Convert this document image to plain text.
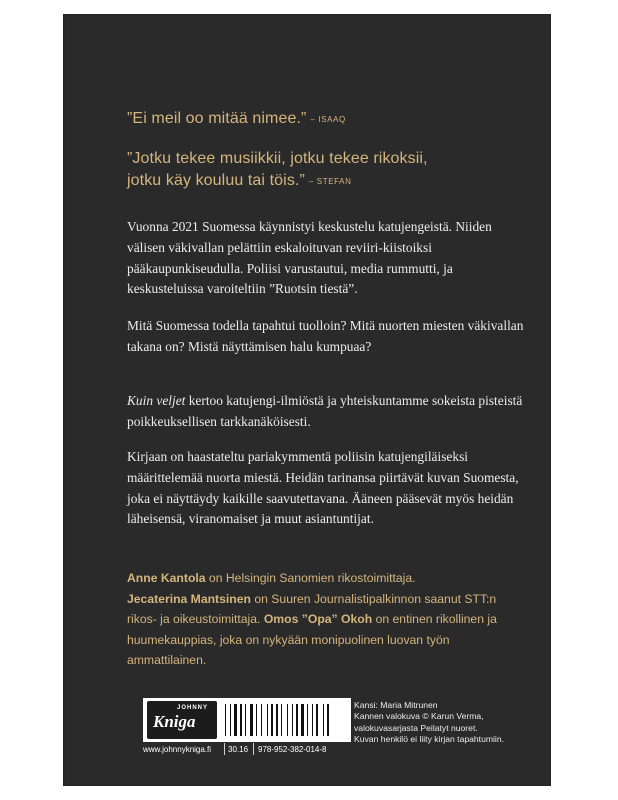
”Ei meil oo mitää nimee.” – ISAAQ
”Jotku tekee musiikkii, jotku tekee rikoksii,
jotku käy kouluu tai töis.” – STEFAN
Vuonna 2021 Suomessa käynnistyi keskustelu katujengeistä. Niiden välisen väkivallan pelättiin eskaloituvan reviiri-kiistoiksi pääkaupunkiseudulla. Poliisi varustautui, media rummutti, ja keskusteluissa varoiteltiin ”Ruotsin tiestä”.
Mitä Suomessa todella tapahtui tuolloin? Mitä nuorten miesten väkivallan takana on? Mistä näyttämisen halu kumpuaa?
Kuin veljet kertoo katujengi-ilmiöstä ja yhteiskuntamme sokeista pisteistä poikkeuksellisen tarkkanäköisesti.
Kirjaan on haastateltu pariakymmentä poliisin katujengiläiseksi määrittelemää nuorta miestä. Heidän tarinansa piirtävät kuvan Suomesta, joka ei näyttäydy kaikille saavutettavana. Ääneen pääsevät myös heidän läheisensä, viranomaiset ja muut asiantuntijat.
Anne Kantola on Helsingin Sanomien rikostoimittaja.
Jecaterina Mantsinen on Suuren Journalistipalkinnon saanut STT:n rikos- ja oikeustoimittaja. Omos ”Opa” Okoh on entinen rikollinen ja huumekauppias, joka on nykyään monipuolinen luovan työn ammattilainen.
JOHNNY
Kniga
www.johnnykniga.fi 30.16 978-952-382-014-8
Kansi: Maria Mitrunen
Kannen valokuva © Karun Verma,
valokuvasarjasta Peilatyt nuoret.
Kuvan henkilö ei liity kirjan tapahtumiin.
